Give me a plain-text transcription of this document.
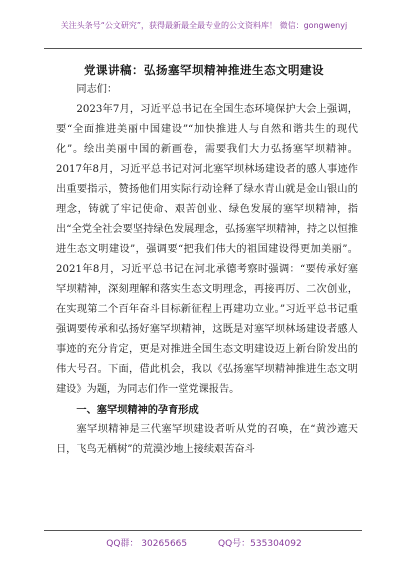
关注头条号“公文研究”，获得最新最全最专业的公文资料库！ 微信：gongwenyj
党课讲稿：弘扬塞罕坝精神推进生态文明建设

同志们：

2023年7月，习近平总书记在全国生态环境保护大会上强调，要“全面推进美丽中国建设”“加快推进人与自然和谐共生的现代化”。绘出美丽中国的新画卷，需要我们大力弘扬塞罕坝精神。2017年8月，习近平总书记对河北塞罕坝林场建设者的感人事迹作出重要指示，赞扬他们用实际行动诠释了绿水青山就是金山银山的理念，铸就了牢记使命、艰苦创业、绿色发展的塞罕坝精神，指出“全党全社会要坚持绿色发展理念，弘扬塞罕坝精神，持之以恒推进生态文明建设”，强调要“把我们伟大的祖国建设得更加美丽”。2021年8月，习近平总书记在河北承德考察时强调：“要传承好塞罕坝精神，深刻理解和落实生态文明理念，再接再厉、二次创业，在实现第二个百年奋斗目标新征程上再建功立业。”习近平总书记重强调要传承和弘扬好塞罕坝精神，这既是对塞罕坝林场建设者感人事迹的充分肯定，更是对推进全国生态文明建设迈上新台阶发出的伟大号召。下面，借此机会，我以《弘扬塞罕坝精神推进生态文明建设》为题，为同志们作一堂党课报告。

一、塞罕坝精神的孕育形成

塞罕坝精神是三代塞罕坝建设者听从党的召唤，在“黄沙遮天日，飞鸟无栖树”的荒漠沙地上接续艰苦奋斗

QQ群： 30265665	QQ号：535304092
